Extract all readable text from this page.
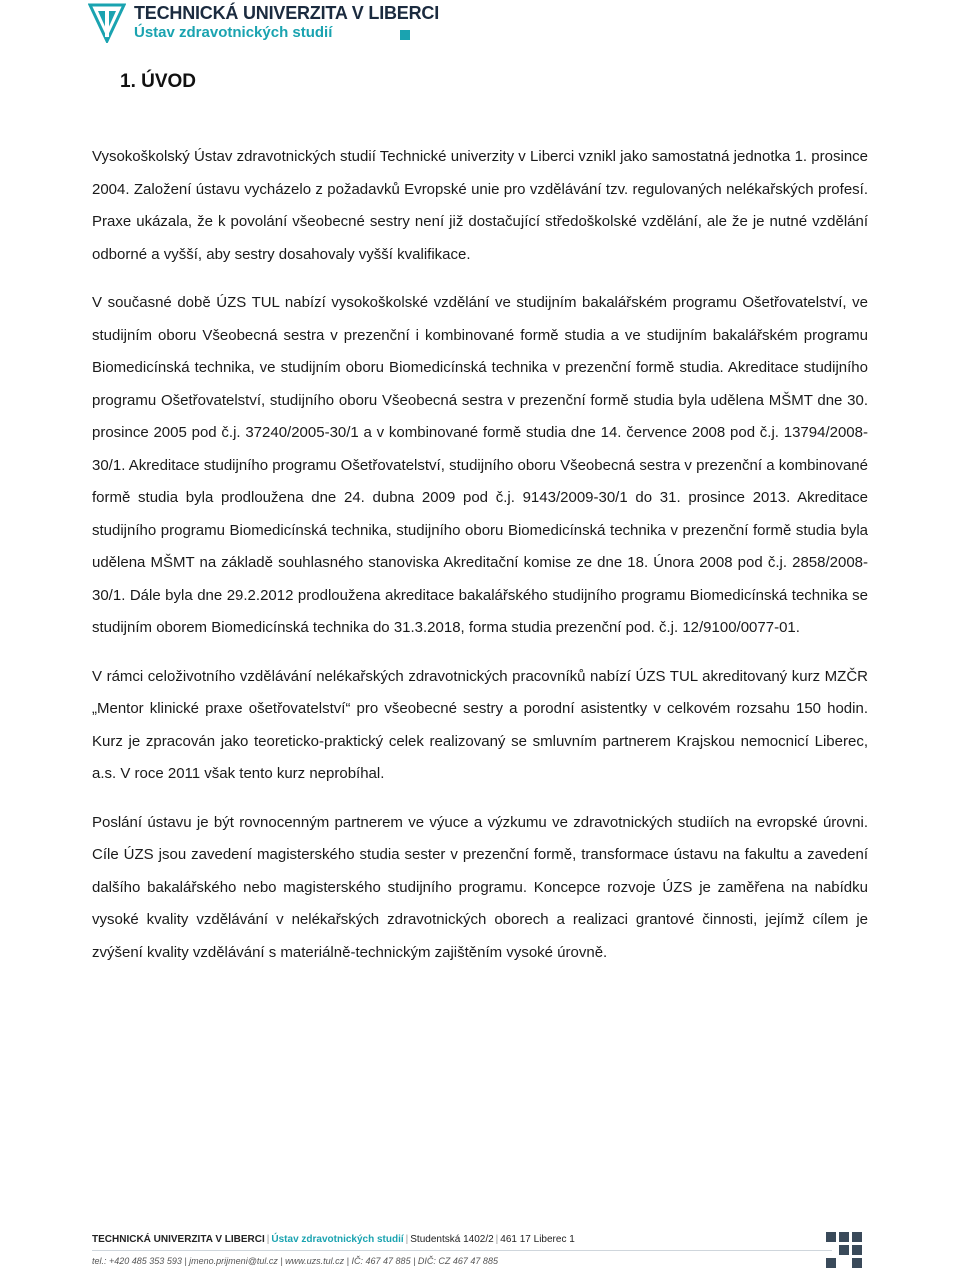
TECHNICKÁ UNIVERZITA V LIBERCI
Ústav zdravotnických studií
1. ÚVOD

Vysokoškolský Ústav zdravotnických studií Technické univerzity v Liberci vznikl jako samostatná jednotka 1. prosince 2004. Založení ústavu vycházelo z požadavků Evropské unie pro vzdělávání tzv. regulovaných nelékařských profesí. Praxe ukázala, že k povolání všeobecné sestry není již dostačující středoškolské vzdělání, ale že je nutné vzdělání odborné a vyšší, aby sestry dosahovaly vyšší kvalifikace.

V současné době ÚZS TUL nabízí vysokoškolské vzdělání ve studijním bakalářském programu Ošetřovatelství, ve studijním oboru Všeobecná sestra v prezenční i kombinované formě studia a ve studijním bakalářském programu Biomedicínská technika, ve studijním oboru Biomedicínská technika v prezenční formě studia. Akreditace studijního programu Ošetřovatelství, studijního oboru Všeobecná sestra v prezenční formě studia byla udělena MŠMT dne 30. prosince 2005 pod č.j. 37240/2005-30/1 a v kombinované formě studia dne 14. července 2008 pod č.j. 13794/2008-30/1. Akreditace studijního programu Ošetřovatelství, studijního oboru Všeobecná sestra v prezenční a kombinované formě studia byla prodloužena dne 24. dubna 2009 pod č.j. 9143/2009-30/1 do 31. prosince 2013. Akreditace studijního programu Biomedicínská technika, studijního oboru Biomedicínská technika v prezenční formě studia byla udělena MŠMT na základě souhlasného stanoviska Akreditační komise ze dne 18. Února 2008 pod č.j. 2858/2008-30/1. Dále byla dne 29.2.2012 prodloužena akreditace bakalářského studijního programu Biomedicínská technika se studijním oborem Biomedicínská technika do 31.3.2018, forma studia prezenční pod. č.j. 12/9100/0077-01.

V rámci celoživotního vzdělávání nelékařských zdravotnických pracovníků nabízí ÚZS TUL akreditovaný kurz MZČR „Mentor klinické praxe ošetřovatelství“ pro všeobecné sestry a porodní asistentky v celkovém rozsahu 150 hodin. Kurz je zpracován jako teoreticko-praktický celek realizovaný se smluvním partnerem Krajskou nemocnicí Liberec, a.s. V roce 2011 však tento kurz neprobíhal.

Poslání ústavu je být rovnocenným partnerem ve výuce a výzkumu ve zdravotnických studiích na evropské úrovni. Cíle ÚZS jsou zavedení magisterského studia sester v prezenční formě, transformace ústavu na fakultu a zavedení dalšího bakalářského nebo magisterského studijního programu. Koncepce rozvoje ÚZS je zaměřena na nabídku vysoké kvality vzdělávání v nelékařských zdravotnických oborech a realizaci grantové činnosti, jejímž cílem je zvýšení kvality vzdělávání s materiálně-technickým zajištěním vysoké úrovně.

TECHNICKÁ UNIVERZITA V LIBERCI | Ústav zdravotnických studií | Studentská 1402/2 | 461 17 Liberec 1
tel.: +420 485 353 593 | jmeno.prijmeni@tul.cz | www.uzs.tul.cz | IČ: 467 47 885 | DIČ: CZ 467 47 885
